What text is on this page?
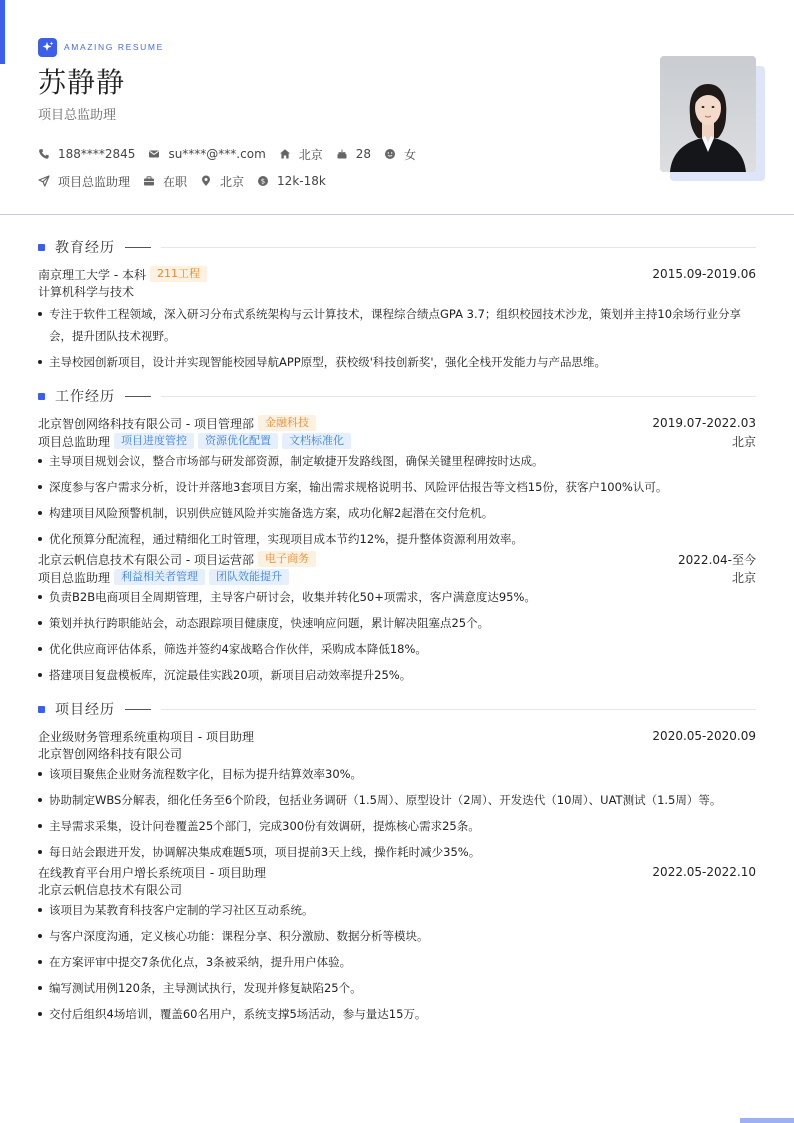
AMAZING RESUME
苏静静
项目总监助理
188****2845	su****@***.com	北京	28	女
项目总监助理	在职	北京 $ 12k-18k
教育经历
南京理工大学 - 本科	211工程	2015.09-2019.06
计算机科学与技术
专注于软件工程领域，深入研习分布式系统架构与云计算技术，课程综合绩点GPA 3.7；组织校园技术沙龙，策划并主持10余场行业分享会，提升团队技术视野。
主导校园创新项目，设计并实现智能校园导航APP原型，获校级'科技创新奖'，强化全栈开发能力与产品思维。
工作经历
北京智创网络科技有限公司 - 项目管理部	金融科技	2019.07-2022.03
项目总监助理	项目进度管控	资源优化配置	文档标准化	北京
主导项目规划会议，整合市场部与研发部资源，制定敏捷开发路线图，确保关键里程碑按时达成。
深度参与客户需求分析，设计并落地3套项目方案，输出需求规格说明书、风险评估报告等文档15份，获客户100%认可。
构建项目风险预警机制，识别供应链风险并实施备选方案，成功化解2起潜在交付危机。
优化预算分配流程，通过精细化工时管理，实现项目成本节约12%，提升整体资源利用效率。
北京云帆信息技术有限公司 - 项目运营部	电子商务	2022.04-至今
项目总监助理	利益相关者管理	团队效能提升	北京
负责B2B电商项目全周期管理，主导客户研讨会，收集并转化50+项需求，客户满意度达95%。
策划并执行跨职能站会，动态跟踪项目健康度，快速响应问题，累计解决阻塞点25个。
优化供应商评估体系，筛选并签约4家战略合作伙伴，采购成本降低18%。
搭建项目复盘模板库，沉淀最佳实践20项，新项目启动效率提升25%。
项目经历
企业级财务管理系统重构项目 - 项目助理	2020.05-2020.09
北京智创网络科技有限公司
该项目聚焦企业财务流程数字化，目标为提升结算效率30%。
协助制定WBS分解表，细化任务至6个阶段，包括业务调研（1.5周）、原型设计（2周）、开发迭代（10周）、UAT测试（1.5周）等。
主导需求采集，设计问卷覆盖25个部门，完成300份有效调研，提炼核心需求25条。
每日站会跟进开发，协调解决集成难题5项，项目提前3天上线，操作耗时减少35%。
在线教育平台用户增长系统项目 - 项目助理	2022.05-2022.10
北京云帆信息技术有限公司
该项目为某教育科技客户定制的学习社区互动系统。
与客户深度沟通，定义核心功能：课程分享、积分激励、数据分析等模块。
在方案评审中提交7条优化点，3条被采纳，提升用户体验。
编写测试用例120条，主导测试执行，发现并修复缺陷25个。
交付后组织4场培训，覆盖60名用户，系统支撑5场活动，参与量达15万。
